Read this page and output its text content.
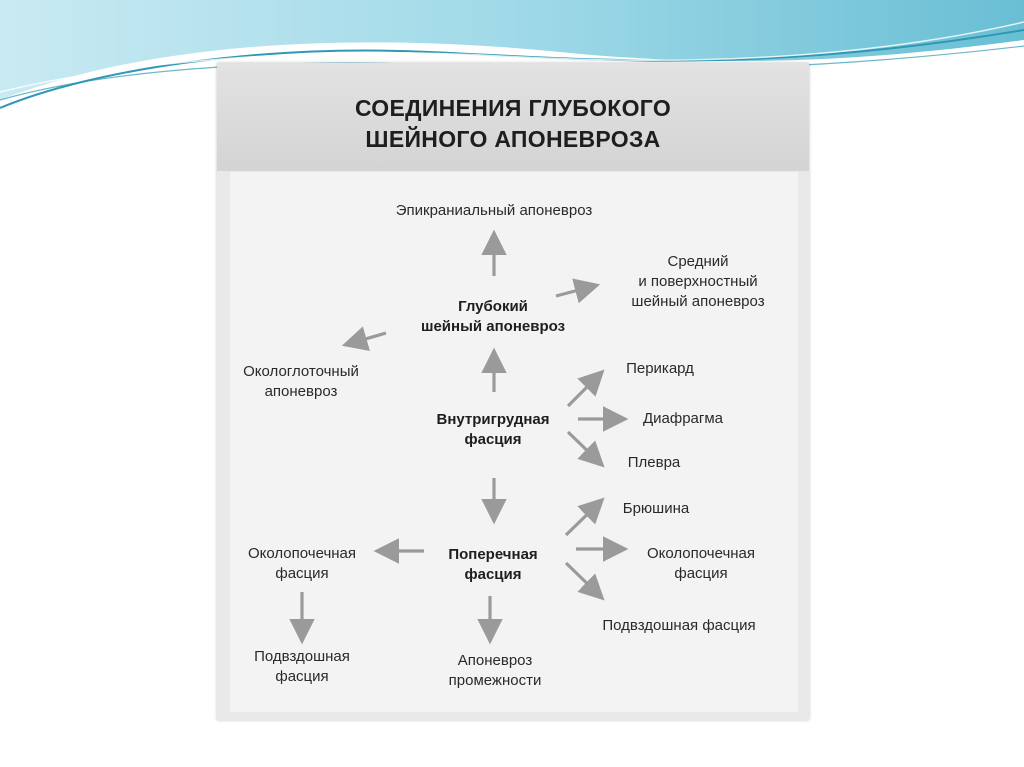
СОЕДИНЕНИЯ ГЛУБОКОГО
ШЕЙНОГО АПОНЕВРОЗА

Эпикраниальный апоневроз

Средний
и поверхностный
шейный апоневроз

Глубокий
шейный апоневроз

Окологлоточный
апоневроз

Внутригрудная
фасция

Перикард

Диафрагма

Плевра

Брюшина

Поперечная
фасция

Околопочечная
фасция

Околопочечная
фасция

Подвздошная
фасция

Подвздошная фасция

Апоневроз
промежности
